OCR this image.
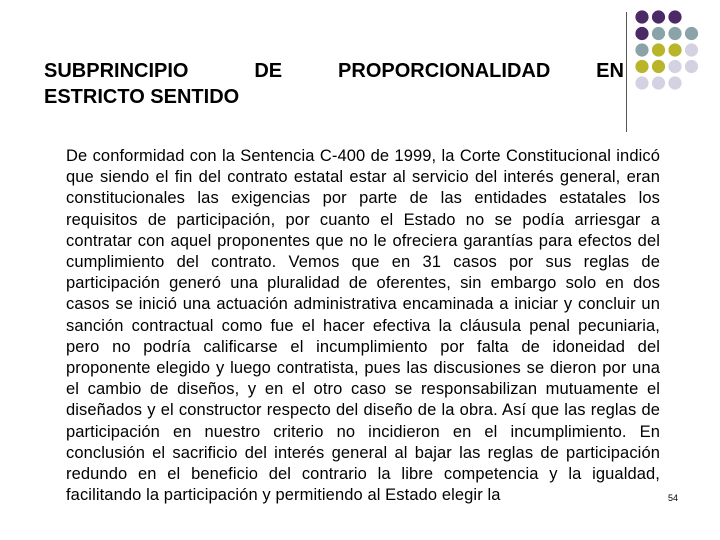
SUBPRINCIPIO	DE	PROPORCIONALIDAD EN
ESTRICTO SENTIDO
De conformidad con la Sentencia C-400 de 1999, la Corte Constitucional indicó que siendo el fin del contrato estatal estar al servicio del interés general, eran constitucionales las exigencias por parte de las entidades estatales los requisitos de participación, por cuanto el Estado no se podía arriesgar a contratar con aquel proponentes que no le ofreciera garantías para efectos del cumplimiento del contrato. Vemos que en 31 casos por sus reglas de participación generó una pluralidad de oferentes, sin embargo solo en dos casos se inició una actuación administrativa encaminada a iniciar y concluir un sanción contractual como fue el hacer efectiva la cláusula penal pecuniaria, pero no podría calificarse el incumplimiento por falta de idoneidad del proponente elegido y luego contratista, pues las discusiones se dieron por una el cambio de diseños, y en el otro caso se responsabilizan mutuamente el diseñados y el constructor respecto del diseño de la obra. Así que las reglas de participación en nuestro criterio no incidieron en el incumplimiento. En conclusión el sacrificio del interés general al bajar las reglas de participación redundo en el beneficio del contrario la libre competencia y la igualdad, facilitando la participación y permitiendo al Estado elegir la	54
